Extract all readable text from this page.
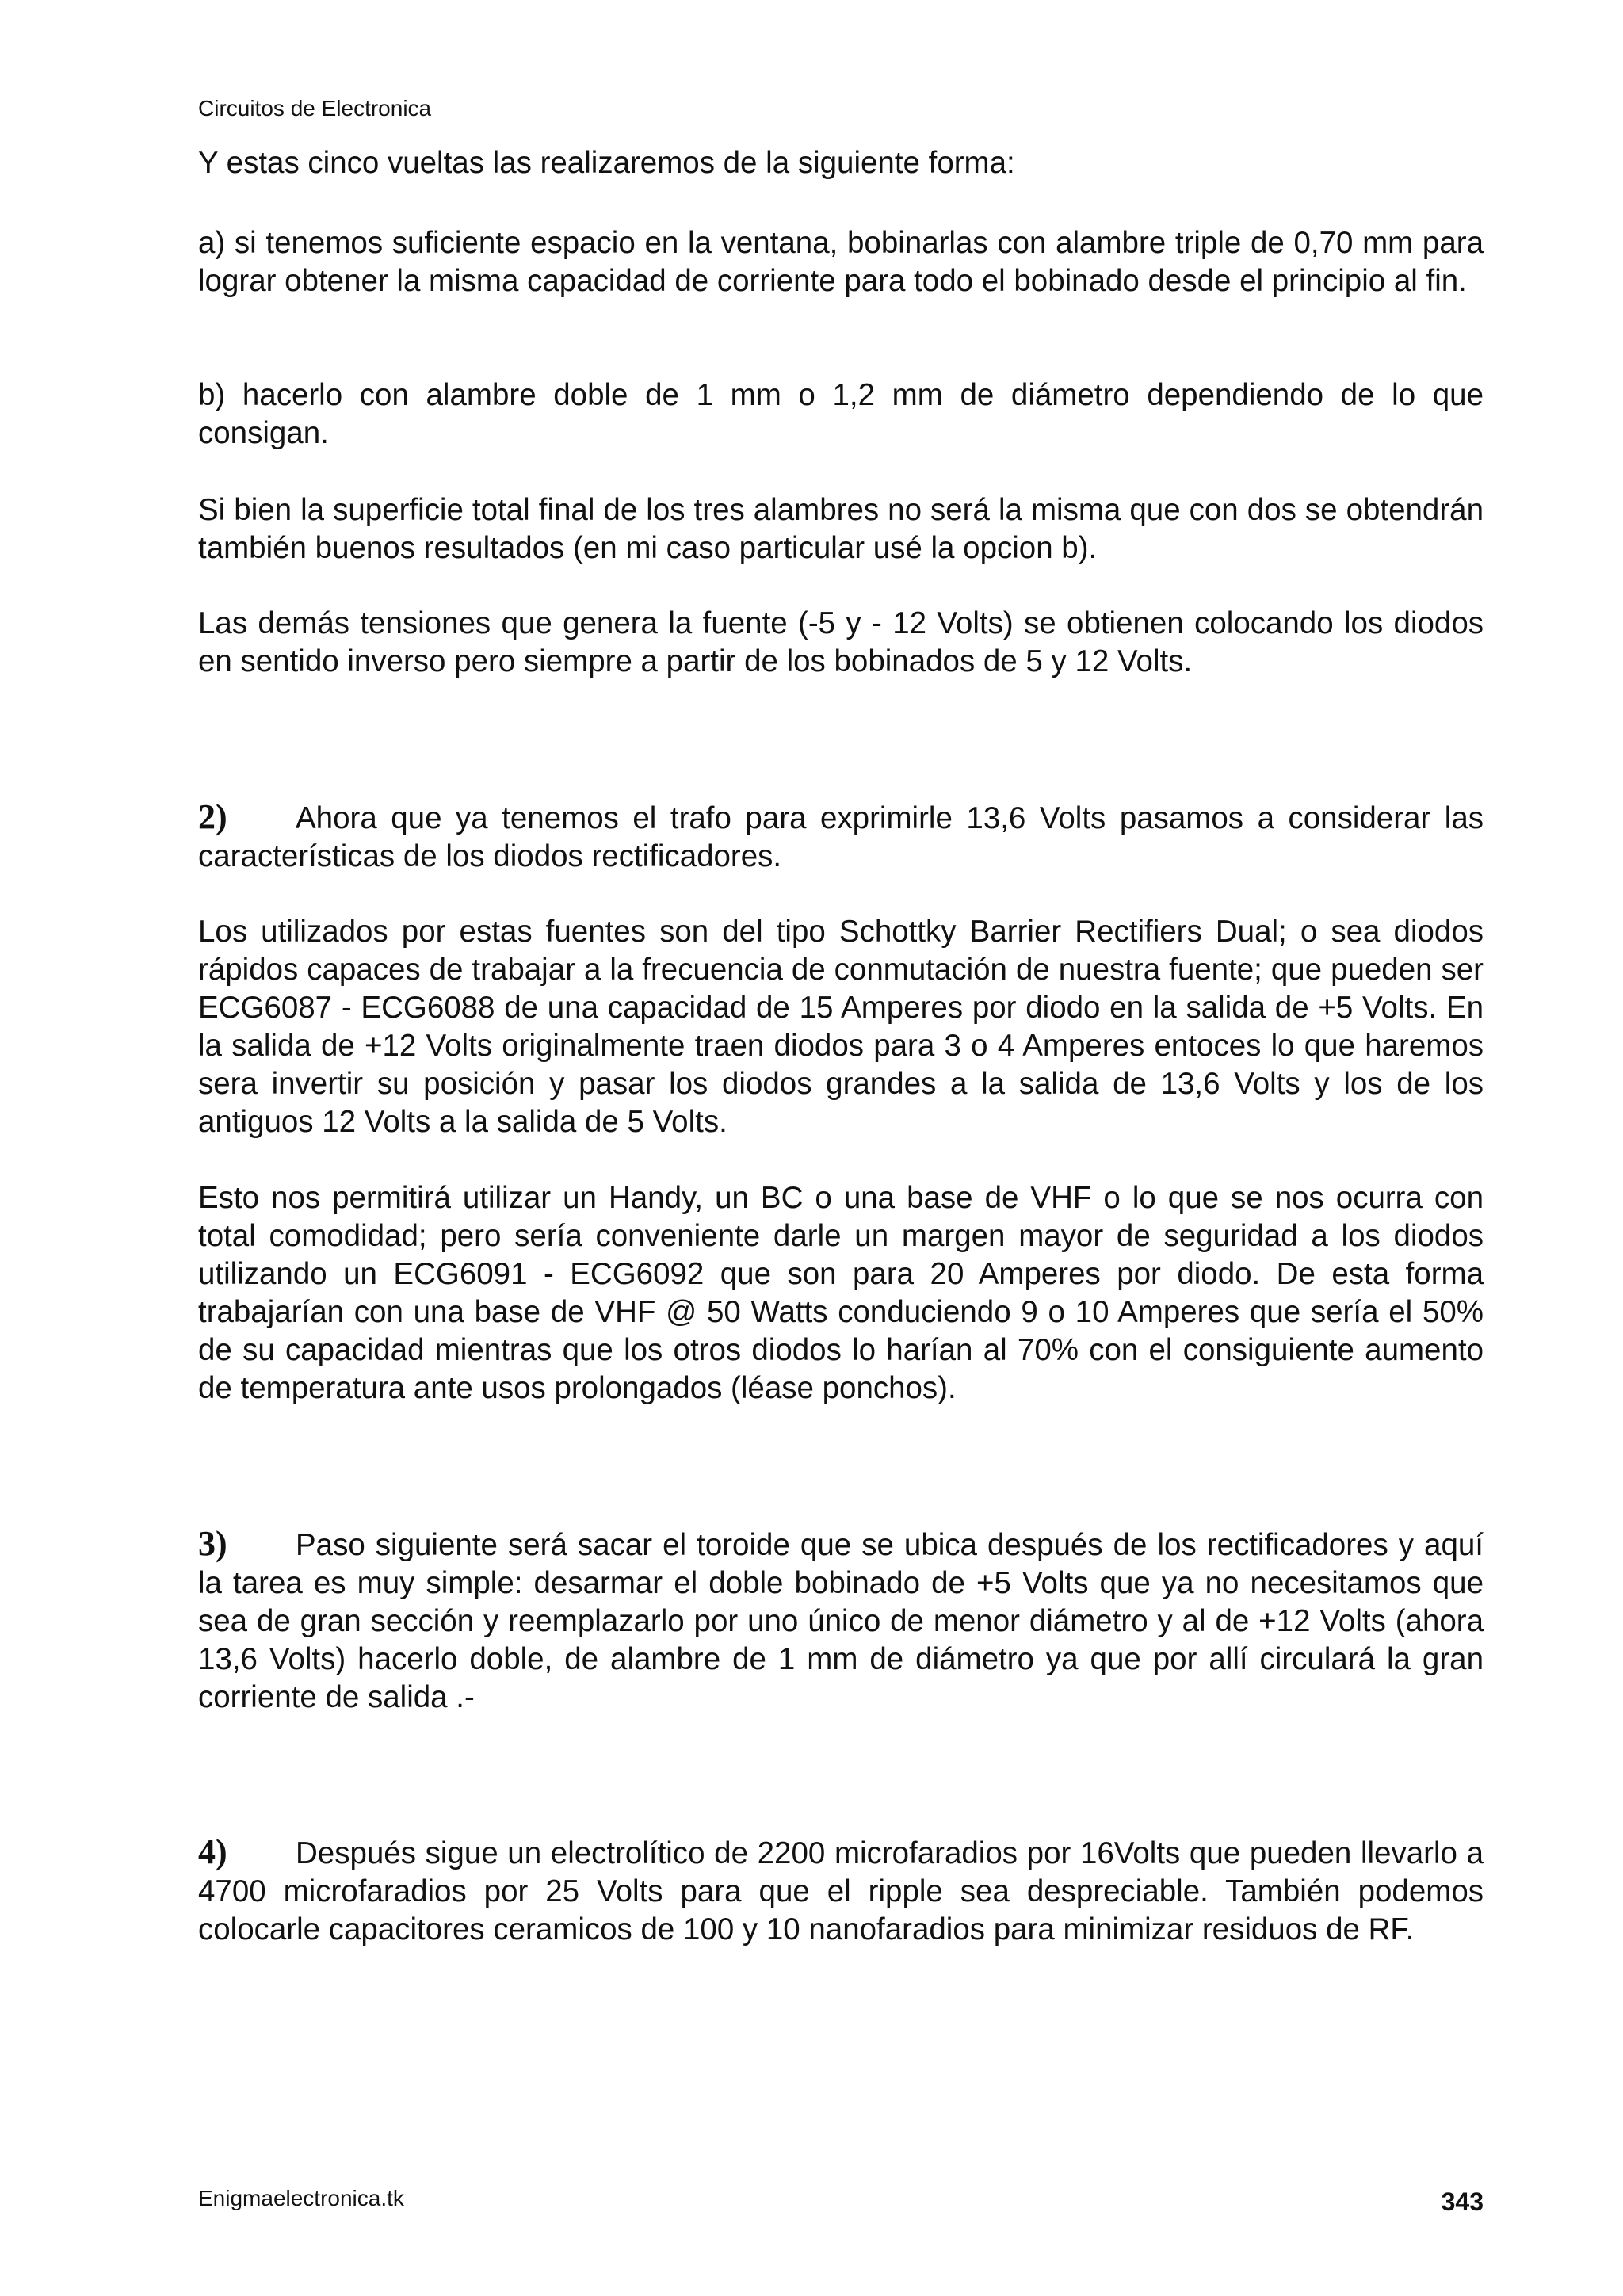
Circuitos de Electronica

Y estas cinco vueltas las realizaremos de la siguiente forma:

a) si tenemos suficiente espacio en la ventana, bobinarlas con alambre triple de 0,70 mm para lograr obtener la misma capacidad de corriente para todo el bobinado desde el principio al fin.

b) hacerlo con alambre doble de 1 mm o 1,2 mm de diámetro dependiendo de lo que consigan.

Si bien la superficie total final de los tres alambres no será la misma que con dos se obtendrán también buenos resultados (en mi caso particular usé la opcion b).

Las demás tensiones que genera la fuente (-5 y - 12 Volts) se obtienen colocando los diodos en sentido inverso pero siempre a partir de los bobinados de 5 y 12 Volts.

2) Ahora que ya tenemos el trafo para exprimirle 13,6 Volts pasamos a considerar las características de los diodos rectificadores.

Los utilizados por estas fuentes son del tipo Schottky Barrier Rectifiers Dual; o sea diodos rápidos capaces de trabajar a la frecuencia de conmutación de nuestra fuente; que pueden ser ECG6087 - ECG6088 de una capacidad de 15 Amperes por diodo en la salida de +5 Volts. En la salida de +12 Volts originalmente traen diodos para 3 o 4 Amperes entoces lo que haremos sera invertir su posición y pasar los diodos grandes a la salida de 13,6 Volts y los de los antiguos 12 Volts a la salida de 5 Volts.

Esto nos permitirá utilizar un Handy, un BC o una base de VHF o lo que se nos ocurra con total comodidad; pero sería conveniente darle un margen mayor de seguridad a los diodos utilizando un ECG6091 - ECG6092 que son para 20 Amperes por diodo. De esta forma trabajarían con una base de VHF @ 50 Watts conduciendo 9 o 10 Amperes que sería el 50% de su capacidad mientras que los otros diodos lo harían al 70% con el consiguiente aumento de temperatura ante usos prolongados (léase ponchos).

3) Paso siguiente será sacar el toroide que se ubica después de los rectificadores y aquí la tarea es muy simple: desarmar el doble bobinado de +5 Volts que ya no necesitamos que sea de gran sección y reemplazarlo por uno único de menor diámetro y al de +12 Volts (ahora 13,6 Volts) hacerlo doble, de alambre de 1 mm de diámetro ya que por allí circulará la gran corriente de salida .-

4) Después sigue un electrolítico de 2200 microfaradios por 16Volts que pueden llevarlo a 4700 microfaradios por 25 Volts para que el ripple sea despreciable. También podemos colocarle capacitores ceramicos de 100 y 10 nanofaradios para minimizar residuos de RF.

Enigmaelectronica.tk	343
